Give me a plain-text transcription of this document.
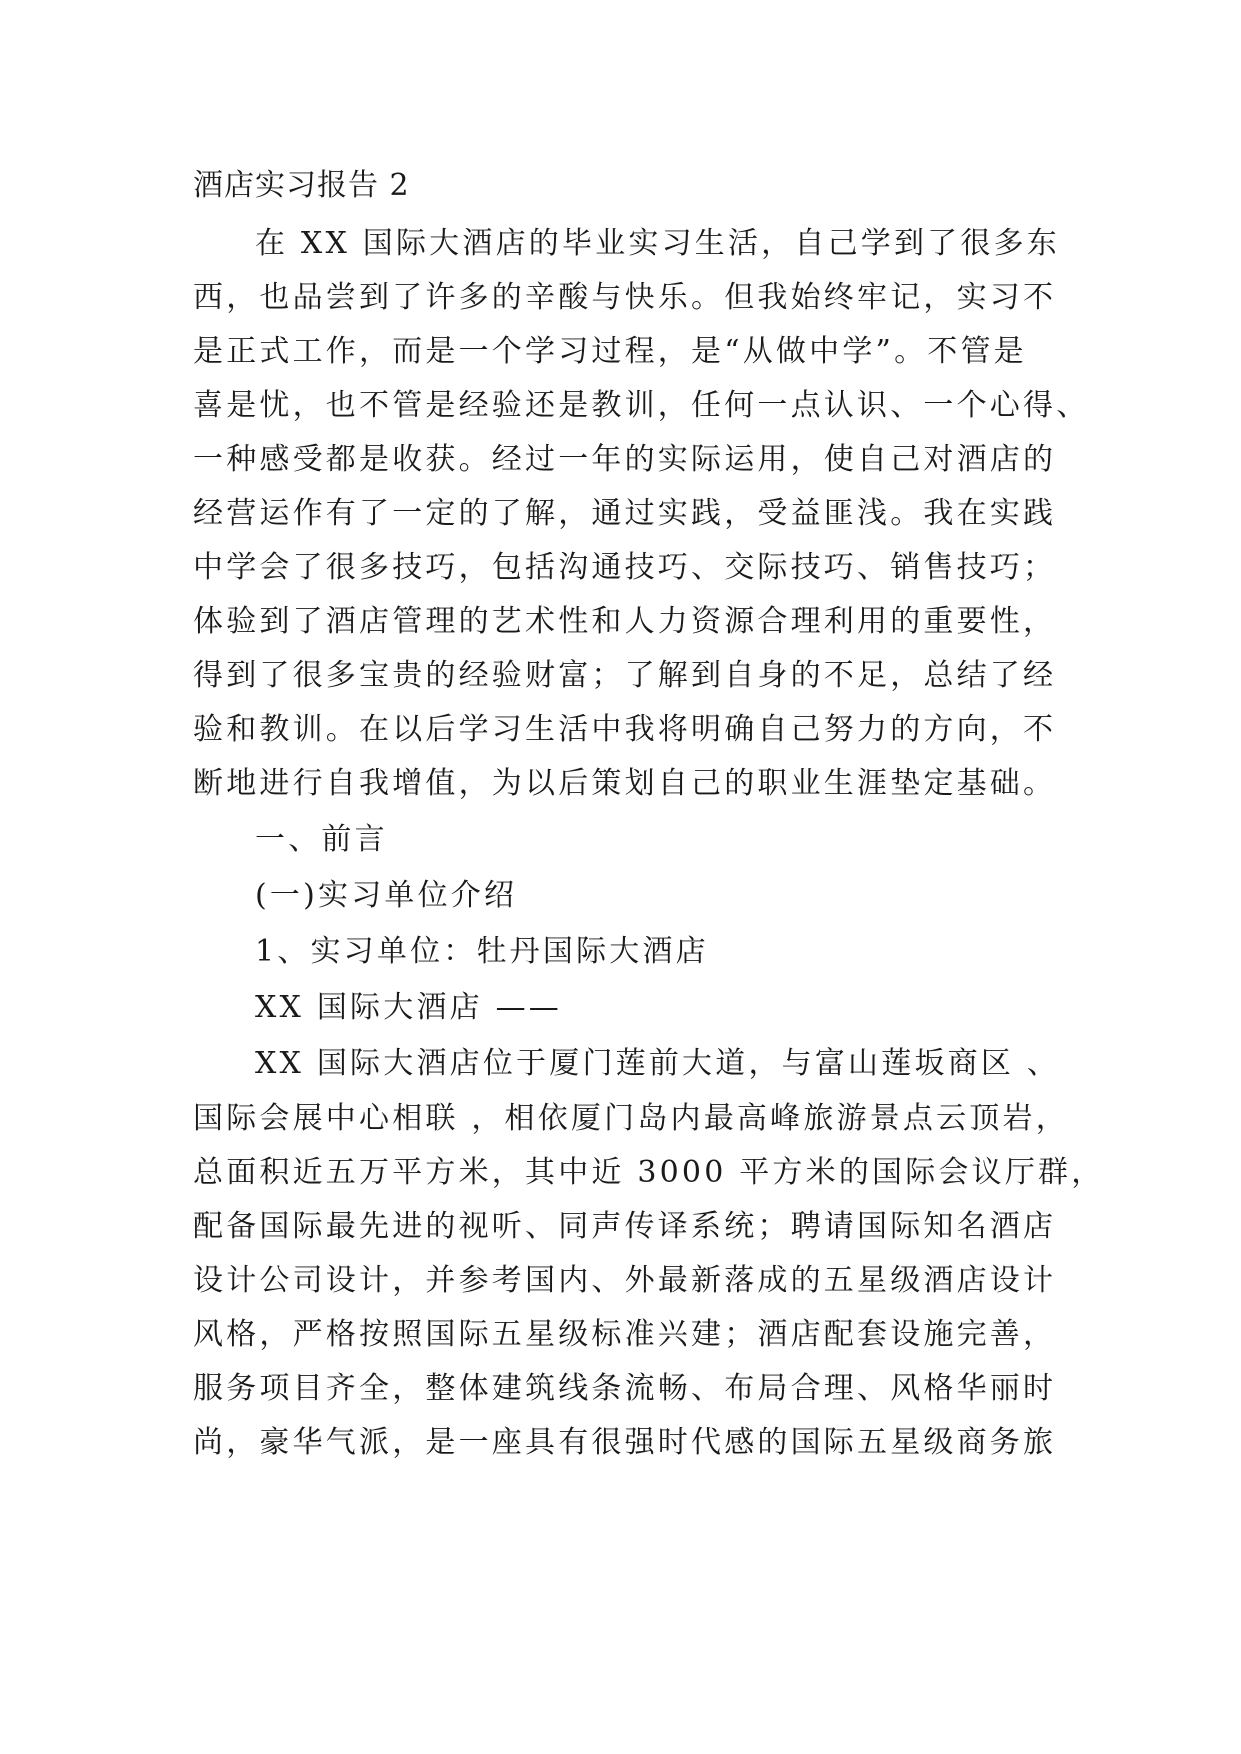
酒店实习报告 2
在 XX 国际大酒店的毕业实习生活，自己学到了很多东
西，也品尝到了许多的辛酸与快乐。但我始终牢记，实习不
是正式工作，而是一个学习过程，是“从做中学”。不管是
喜是忧，也不管是经验还是教训，任何一点认识、一个心得、
一种感受都是收获。经过一年的实际运用，使自己对酒店的
经营运作有了一定的了解，通过实践，受益匪浅。我在实践
中学会了很多技巧，包括沟通技巧、交际技巧、销售技巧；
体验到了酒店管理的艺术性和人力资源合理利用的重要性，
得到了很多宝贵的经验财富；了解到自身的不足，总结了经
验和教训。在以后学习生活中我将明确自己努力的方向，不
断地进行自我增值，为以后策划自己的职业生涯垫定基础。
一、前言
(一)实习单位介绍
1、实习单位：牡丹国际大酒店
XX 国际大酒店 ——
XX 国际大酒店位于厦门莲前大道，与富山莲坂商区 、
国际会展中心相联 ，相依厦门岛内最高峰旅游景点云顶岩，
总面积近五万平方米，其中近 3000 平方米的国际会议厅群，
配备国际最先进的视听、同声传译系统；聘请国际知名酒店
设计公司设计，并参考国内、外最新落成的五星级酒店设计
风格，严格按照国际五星级标准兴建；酒店配套设施完善，
服务项目齐全，整体建筑线条流畅、布局合理、风格华丽时
尚，豪华气派，是一座具有很强时代感的国际五星级商务旅
